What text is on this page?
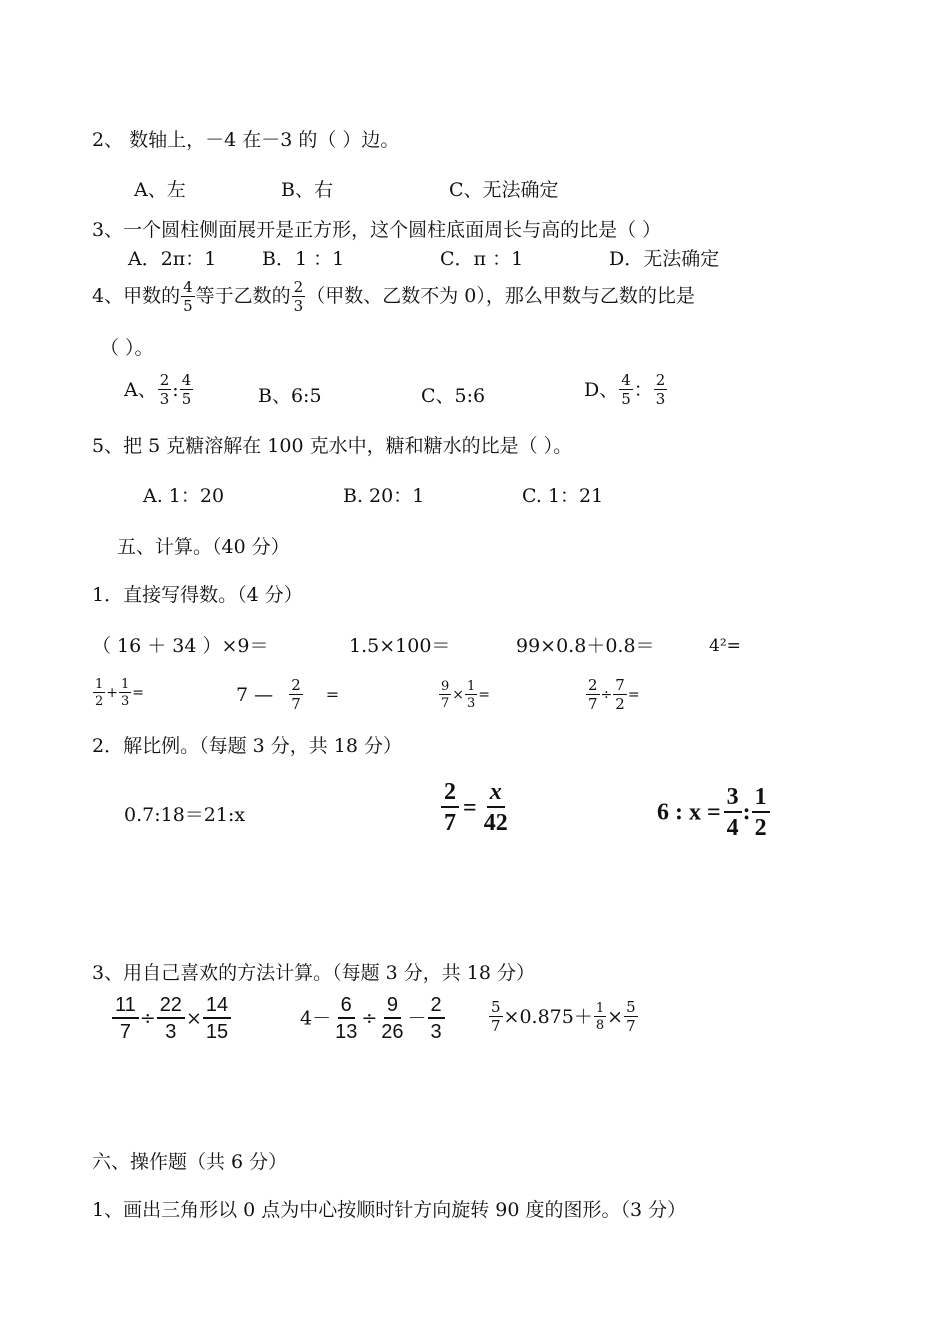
2、 数轴上，－4 在－3 的（ ）边。
A、左	B、右	C、无法确定
3、一个圆柱侧面展开是正方形，这个圆柱底面周长与高的比是（ ）
A．2π：1 B．1 ：1	C．π ：1	D．无法确定
4、甲数的 $\frac{4}{5}$ 等于乙数的 $\frac{2}{3}$ （甲数、乙数不为 0），那么甲数与乙数的比是
（ ）。
A、 $\frac{2}{3}$ : $\frac{4}{5}$	B、6:5	C、5:6	D、 $\frac{4}{5}$ ： $\frac{2}{3}$
5、把 5 克糖溶解在 100 克水中，糖和糖水的比是（ ）。
A. 1：20	B. 20：1	C. 1：21
五、计算。（40 分）
1．直接写得数。（4 分）
（ 16 ＋ 34 ）×9＝	1.5×100＝	99×0.8＋0.8＝	4²=
$\frac{1}{2} + \frac{1}{3}$ =	7 — $\frac{2}{7}$ =	$\frac{9}{7} \times \frac{1}{3}$ =	$\frac{2}{7} \div \frac{7}{2}$ =
2．解比例。（每题 3 分，共 18 分）
0.7:18＝21:x	$\frac{2}{7} = \frac{x}{42}$	6 : $x = \frac{3}{4}$ : $\frac{1}{2}$
3、用自己喜欢的方法计算。（每题 3 分，共 18 分）
$\frac{11}{7} \div \frac{22}{3} \times \frac{14}{15}$	$4- \frac{6}{13} \div \frac{9}{26} - \frac{2}{3}$	$\frac{5}{7} \times 0.875+ \frac{1}{8} \times \frac{5}{7}$
六、操作题（共 6 分）
1、画出三角形以 0 点为中心按顺时针方向旋转 90 度的图形。（3 分）
